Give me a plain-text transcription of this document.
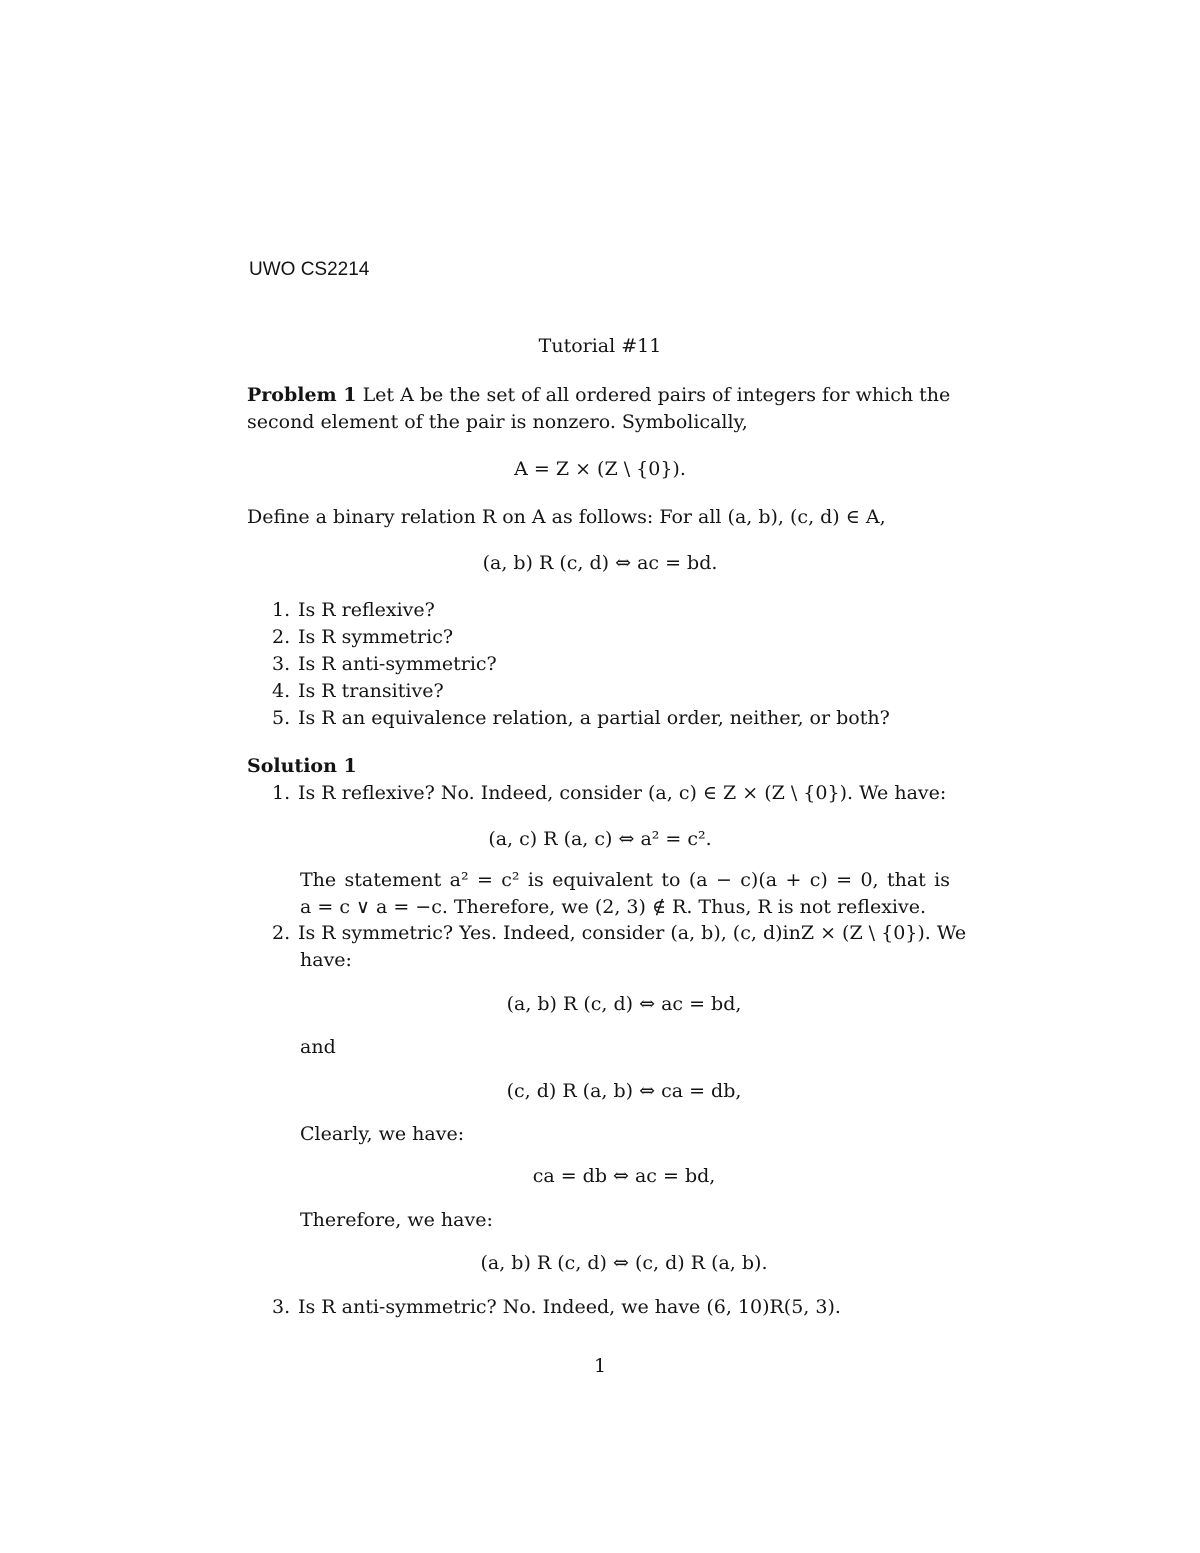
UWO CS2214
Tutorial #11
Problem 1 Let A be the set of all ordered pairs of integers for which the
second element of the pair is nonzero. Symbolically,
A = Z × (Z \ {0}).
Define a binary relation R on A as follows: For all (a, b), (c, d) ∈ A,
(a, b) R (c, d) ⇔ ac = bd.
1. Is R reflexive?
2. Is R symmetric?
3. Is R anti-symmetric?
4. Is R transitive?
5. Is R an equivalence relation, a partial order, neither, or both?
Solution 1
1. Is R reflexive? No. Indeed, consider (a, c) ∈ Z × (Z \ {0}). We have:
(a, c) R (a, c) ⇔ a² = c².
The statement a² = c² is equivalent to (a − c)(a + c) = 0, that is
a = c ∨ a = −c. Therefore, we (2, 3) ∉ R. Thus, R is not reflexive.
2. Is R symmetric? Yes. Indeed, consider (a, b), (c, d)inZ × (Z \ {0}). We
have:
(a, b) R (c, d) ⇔ ac = bd,
and
(c, d) R (a, b) ⇔ ca = db,
Clearly, we have:
ca = db ⇔ ac = bd,
Therefore, we have:
(a, b) R (c, d) ⇔ (c, d) R (a, b).
3. Is R anti-symmetric? No. Indeed, we have (6, 10)R(5, 3).
1
